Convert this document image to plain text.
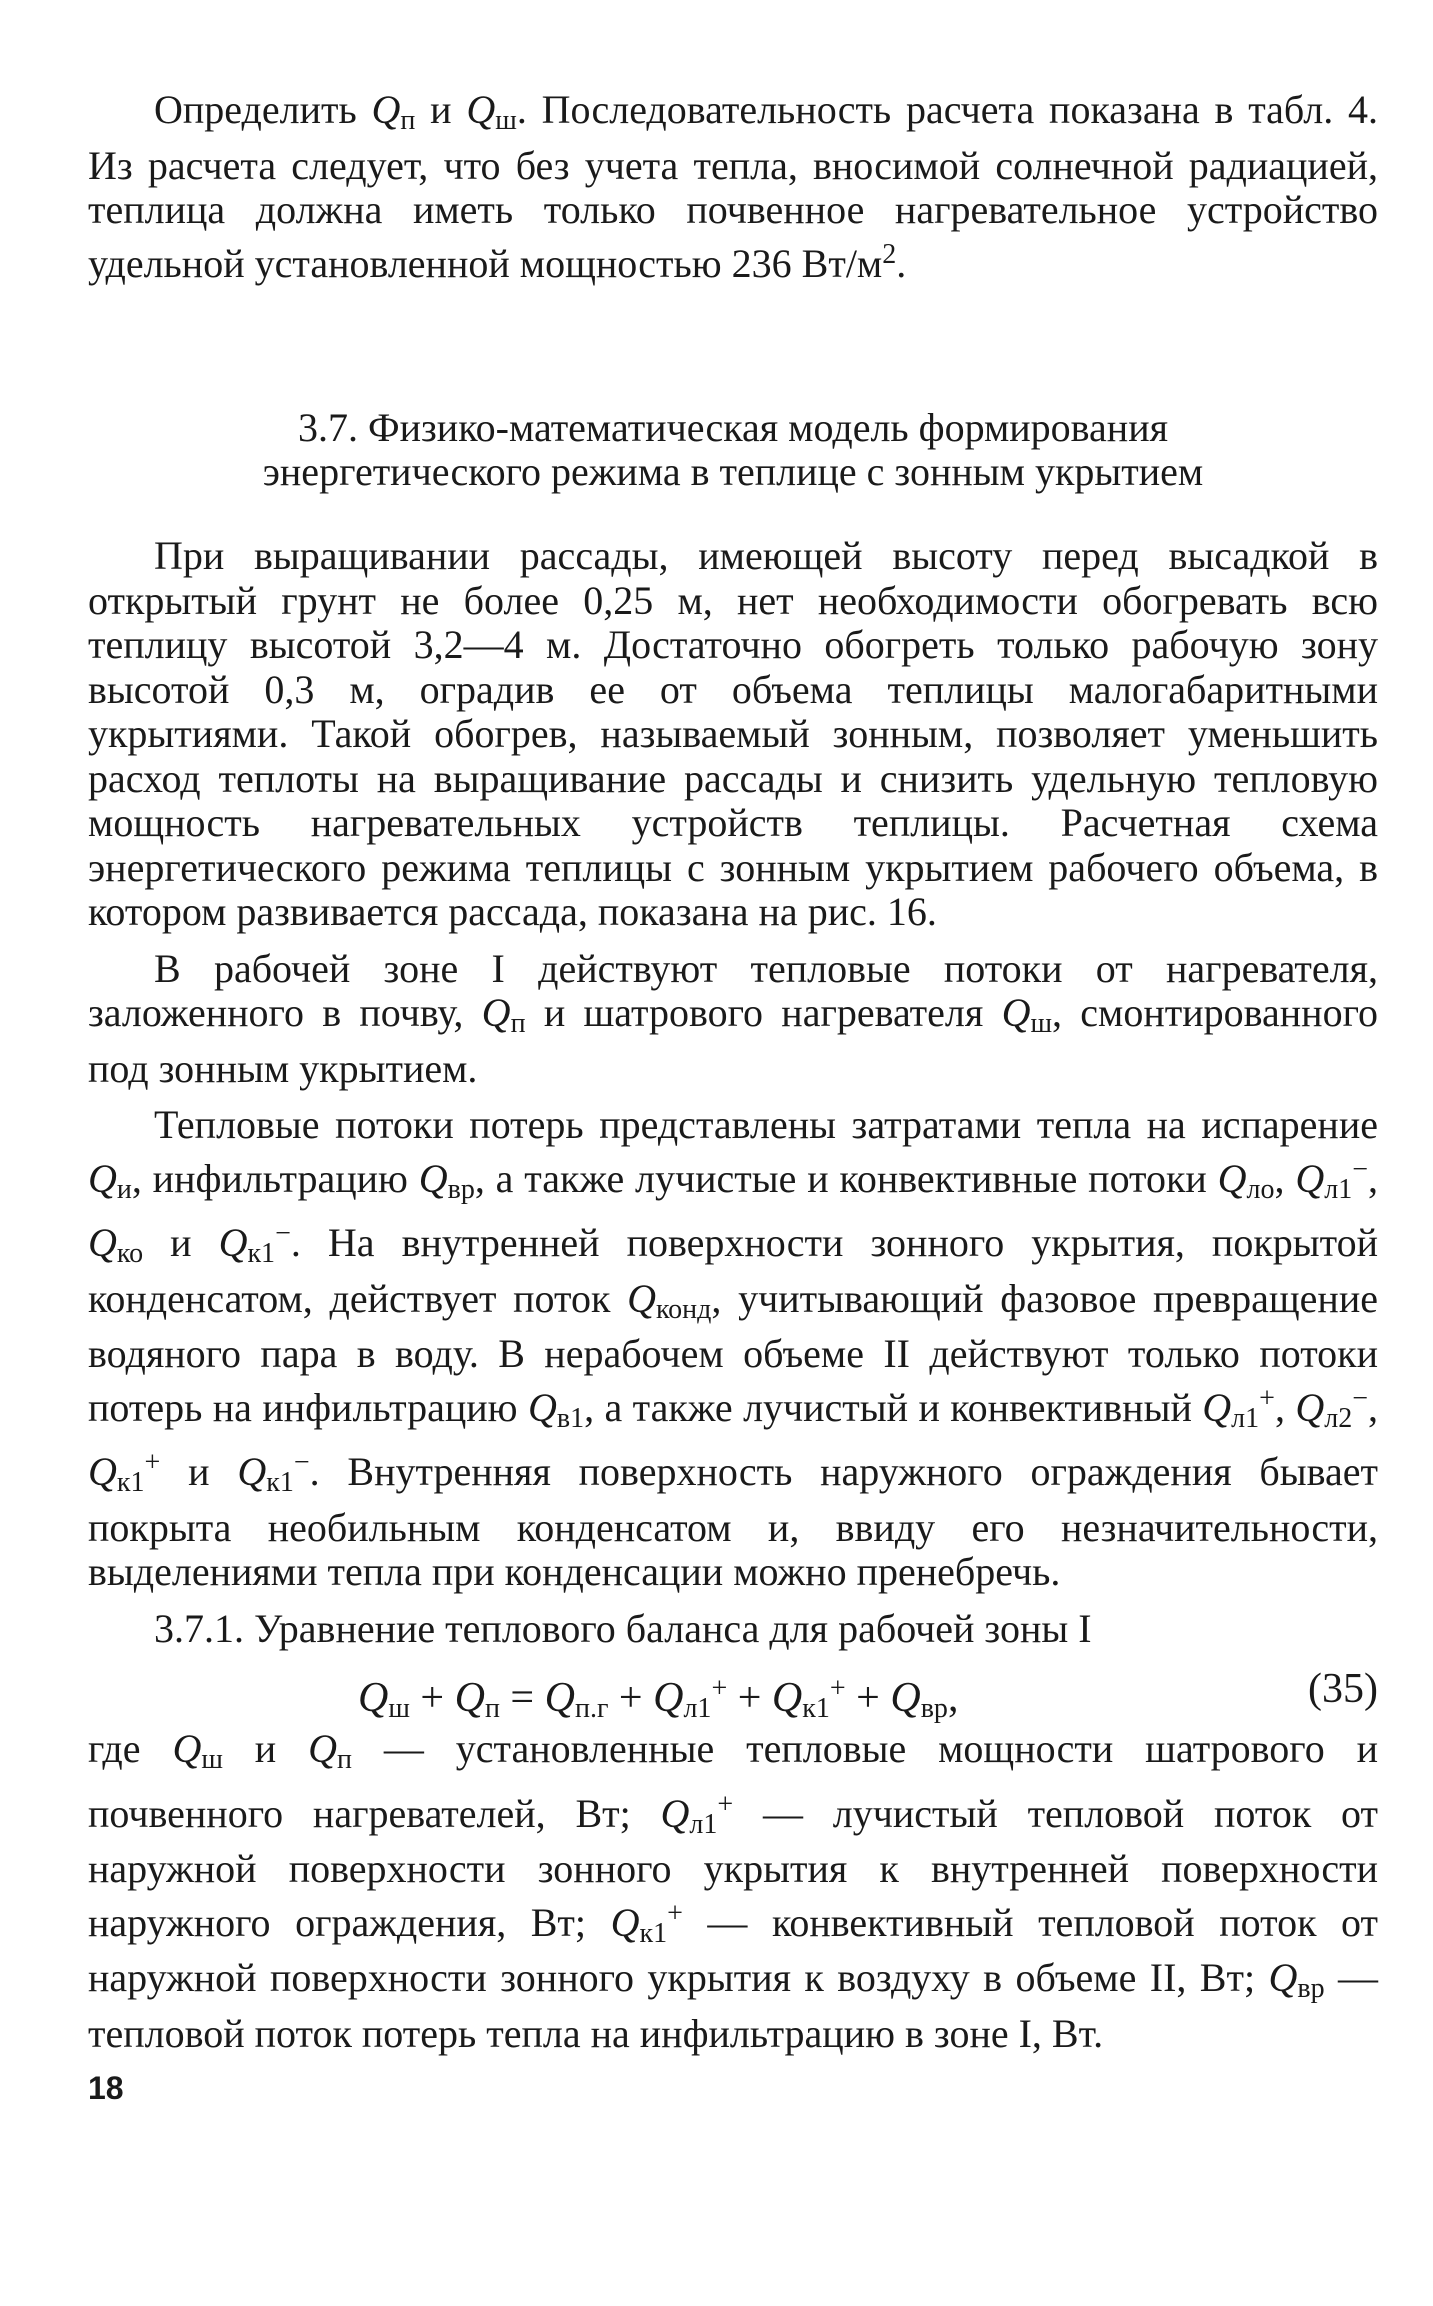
Определить $Q_п$ и $Q_ш$. Последовательность расчета показана в табл. 4. Из расчета следует, что без учета тепла, вносимой солнечной радиацией, теплица должна иметь только почвенное нагревательное устройство удельной установленной мощностью 236 $Вт/м^2$.

3.7. Физико-математическая модель формирования

энергетического режима в теплице с зонным укрытием

При выращивании рассады, имеющей высоту перед высадкой в открытый грунт не более 0,25 м, нет необходимости обогревать всю теплицу высотой 3,2—4 м. Достаточно обогреть только рабочую зону высотой 0,3 м, оградив ее от объема теплицы малогабаритными укрытиями. Такой обогрев, называемый зонным, позволяет уменьшить расход теплоты на выращивание рассады и снизить удельную тепловую мощность нагревательных устройств теплицы. Расчетная схема энергетического режима теплицы с зонным укрытием рабочего объема, в котором развивается рассада, показана на рис. 16.

В рабочей зоне I действуют тепловые потоки от нагревателя, заложенного в почву, $Q_п$ и шатрового нагревателя $Q_ш$, смонтированного под зонным укрытием.

Тепловые потоки потерь представлены затратами тепла на испарение $Q_и$, инфильтрацию $Q_{вр}$, а также лучистые и конвективные потоки $Q_{ло}$, $Q_{л1}^-$, $Q_{ко}$ и $Q_{к1}^-$. На внутренней поверхности зонного укрытия, покрытой конденсатом, действует поток $Q_{конд}$, учитывающий фазовое превращение водяного пара в воду. В нерабочем объеме II действуют только потоки потерь на инфильтрацию $Q_{в1}$, а также лучистый и конвективный $Q_{л1}^+$, $Q_{л2}^-$, $Q_{к1}^+$ и $Q_{к1}^-$. Внутренняя поверхность наружного ограждения бывает покрыта необильным конденсатом и, ввиду его незначительности, выделениями тепла при конденсации можно пренебречь.

3.7.1. Уравнение теплового баланса для рабочей зоны I

$Q_ш + Q_п = Q_{п.г} + Q_{л1}^+ + Q_{к1}^+ + Q_{вр}$,	(35)

где $Q_ш$ и $Q_п$ — установленные тепловые мощности шатрового и почвенного нагревателей, Вт; $Q_{л1}^+$ — лучистый тепловой поток от наружной поверхности зонного укрытия к внутренней поверхности наружного ограждения, Вт; $Q_{к1}^+$ — конвективный тепловой поток от наружной поверхности зонного укрытия к воздуху в объеме II, Вт; $Q_{вр}$ — тепловой поток потерь тепла на инфильтрацию в зоне I, Вт.

18
